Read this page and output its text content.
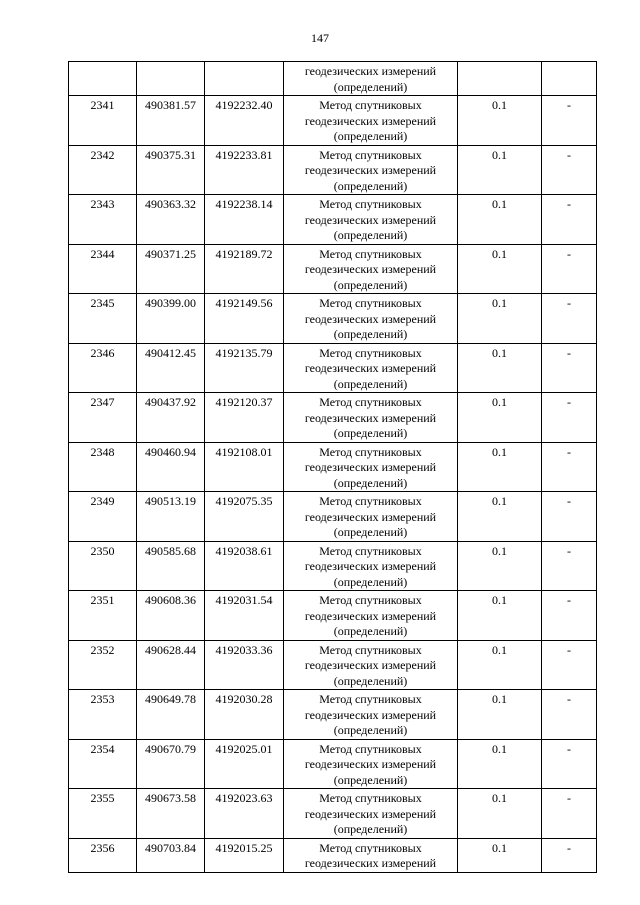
147

			геодезических измерений
(определений)		

2341	490381.57	4192232.40	Метод спутниковых
геодезических измерений
(определений)	0.1	-
2342	490375.31	4192233.81	Метод спутниковых
геодезических измерений
(определений)	0.1	-
2343	490363.32	4192238.14	Метод спутниковых
геодезических измерений
(определений)	0.1	-
2344	490371.25	4192189.72	Метод спутниковых
геодезических измерений
(определений)	0.1	-
2345	490399.00	4192149.56	Метод спутниковых
геодезических измерений
(определений)	0.1	-
2346	490412.45	4192135.79	Метод спутниковых
геодезических измерений
(определений)	0.1	-
2347	490437.92	4192120.37	Метод спутниковых
геодезических измерений
(определений)	0.1	-
2348	490460.94	4192108.01	Метод спутниковых
геодезических измерений
(определений)	0.1	-
2349	490513.19	4192075.35	Метод спутниковых
геодезических измерений
(определений)	0.1	-
2350	490585.68	4192038.61	Метод спутниковых
геодезических измерений
(определений)	0.1	-
2351	490608.36	4192031.54	Метод спутниковых
геодезических измерений
(определений)	0.1	-
2352	490628.44	4192033.36	Метод спутниковых
геодезических измерений
(определений)	0.1	-
2353	490649.78	4192030.28	Метод спутниковых
геодезических измерений
(определений)	0.1	-
2354	490670.79	4192025.01	Метод спутниковых
геодезических измерений
(определений)	0.1	-
2355	490673.58	4192023.63	Метод спутниковых
геодезических измерений
(определений)	0.1	-
2356	490703.84	4192015.25	Метод спутниковых
геодезических измерений	0.1	-
